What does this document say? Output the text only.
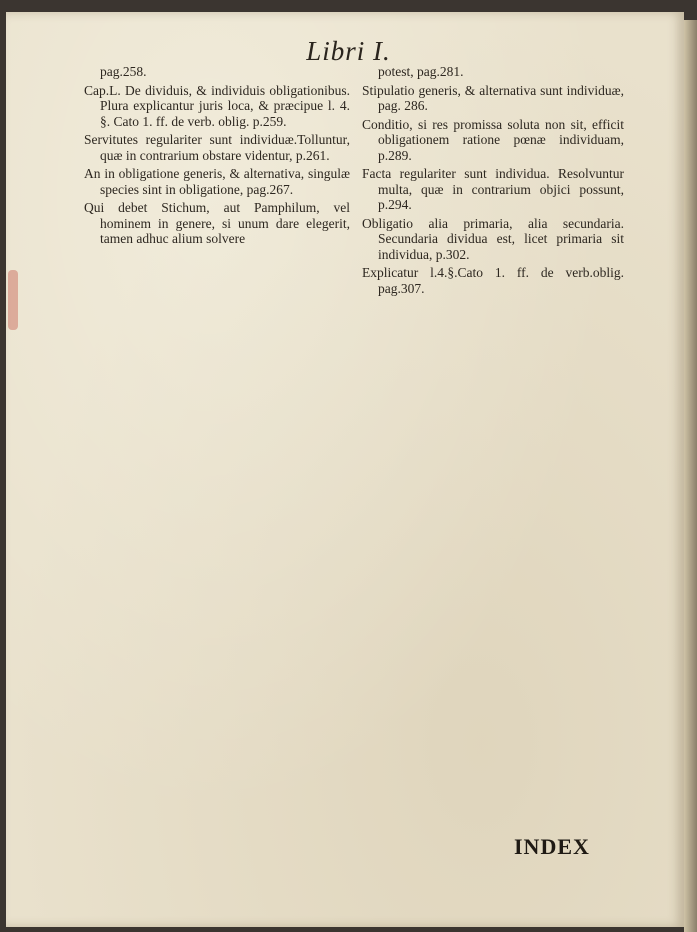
Libri I.
pag.258.
Cap.L. De dividuis, & individuis obligationibus. Plura explicantur juris loca, & præcipue l. 4. §. Cato 1. ff. de verb. oblig. p.259.
Servitutes regulariter sunt individuæ.Tolluntur, quæ in contrarium obstare videntur, p.261.
An in obligatione generis, & alternativa, singulæ species sint in obligatione, pag.267.
Qui debet Stichum, aut Pamphilum, vel hominem in genere, si unum dare elegerit, tamen adhuc alium solvere
potest, pag.281.
Stipulatio generis, & alternativa sunt individuæ, pag. 286.
Conditio, si res promissa soluta non sit, efficit obligationem ratione pœnæ individuam, p.289.
Facta regulariter sunt individua. Resolvuntur multa, quæ in contrarium objici possunt, p.294.
Obligatio alia primaria, alia secundaria. Secundaria dividua est, licet primaria sit individua, p.302.
Explicatur l.4.§.Cato 1. ff. de verb.oblig. pag.307.
INDEX
